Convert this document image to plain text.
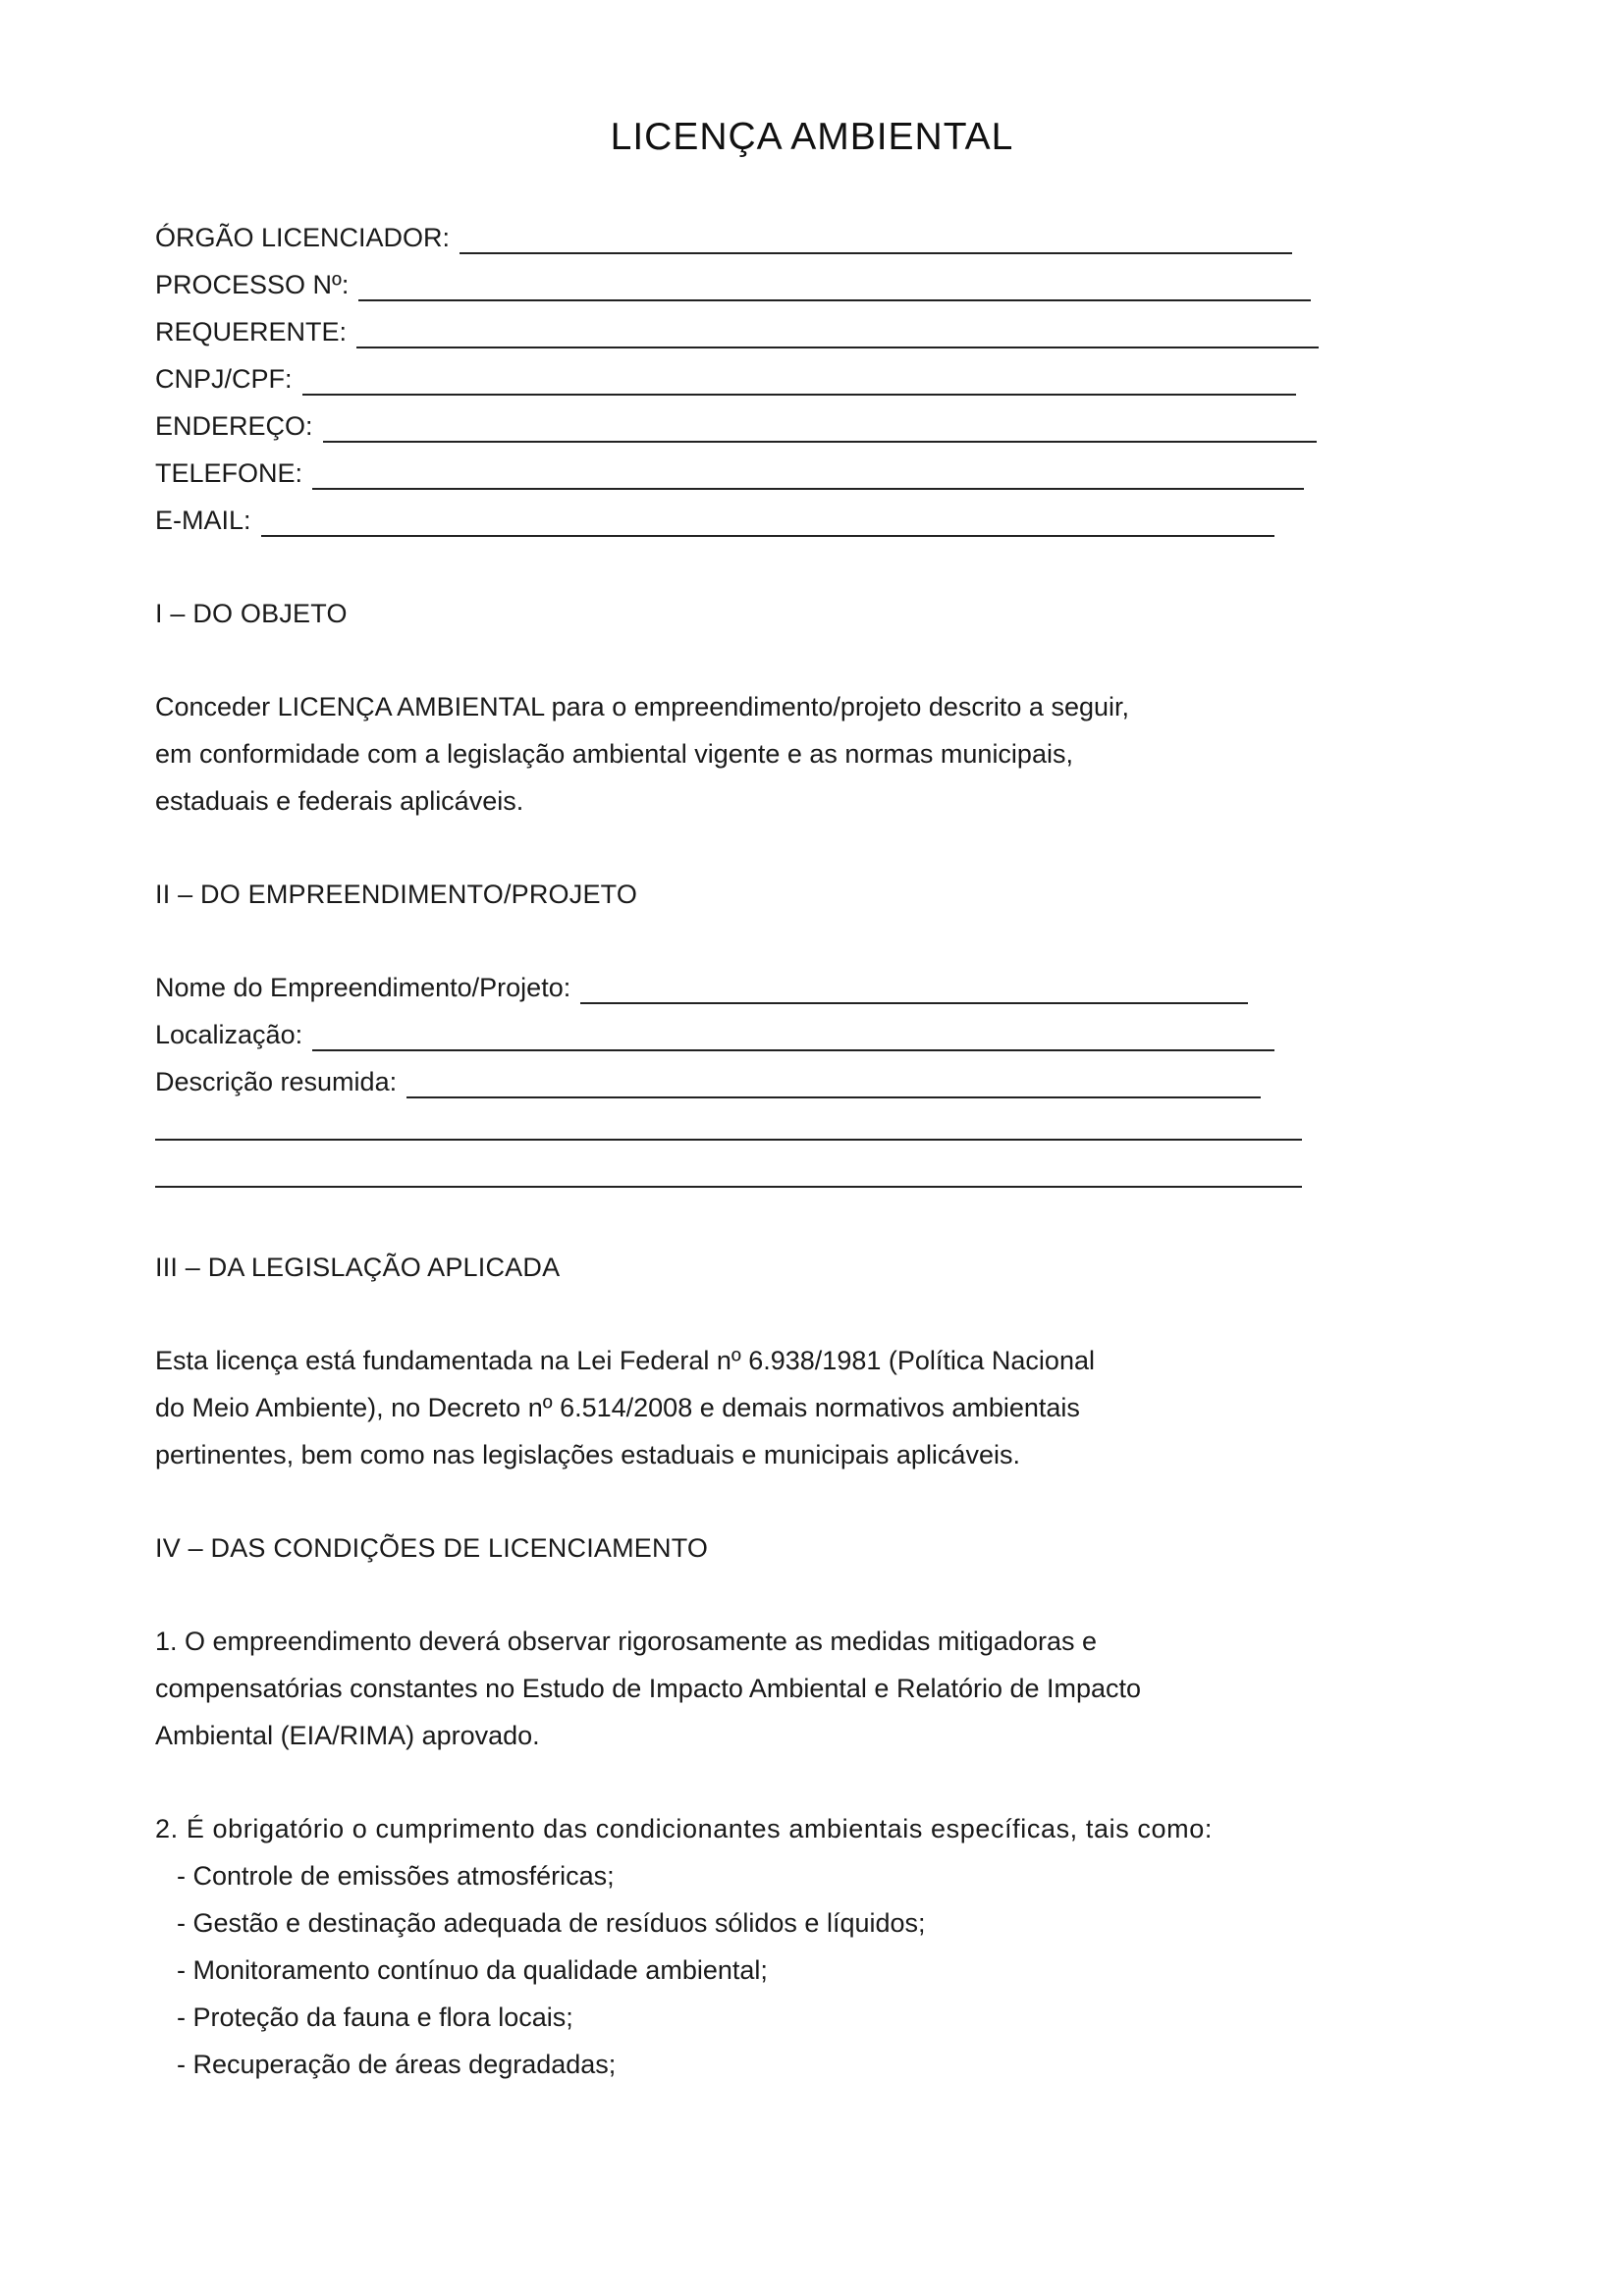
LICENÇA AMBIENTAL
ÓRGÃO LICENCIADOR:
PROCESSO Nº:
REQUERENTE:
CNPJ/CPF:
ENDEREÇO:
TELEFONE:
E-MAIL:
I – DO OBJETO
Conceder LICENÇA AMBIENTAL para o empreendimento/projeto descrito a seguir,
em conformidade com a legislação ambiental vigente e as normas municipais,
estaduais e federais aplicáveis.
II – DO EMPREENDIMENTO/PROJETO
Nome do Empreendimento/Projeto:
Localização:
Descrição resumida:
III – DA LEGISLAÇÃO APLICADA
Esta licença está fundamentada na Lei Federal nº 6.938/1981 (Política Nacional
do Meio Ambiente), no Decreto nº 6.514/2008 e demais normativos ambientais
pertinentes, bem como nas legislações estaduais e municipais aplicáveis.
IV – DAS CONDIÇÕES DE LICENCIAMENTO
1. O empreendimento deverá observar rigorosamente as medidas mitigadoras e
compensatórias constantes no Estudo de Impacto Ambiental e Relatório de Impacto
Ambiental (EIA/RIMA) aprovado.
2. É obrigatório o cumprimento das condicionantes ambientais específicas, tais como:
- Controle de emissões atmosféricas;
- Gestão e destinação adequada de resíduos sólidos e líquidos;
- Monitoramento contínuo da qualidade ambiental;
- Proteção da fauna e flora locais;
- Recuperação de áreas degradadas;
